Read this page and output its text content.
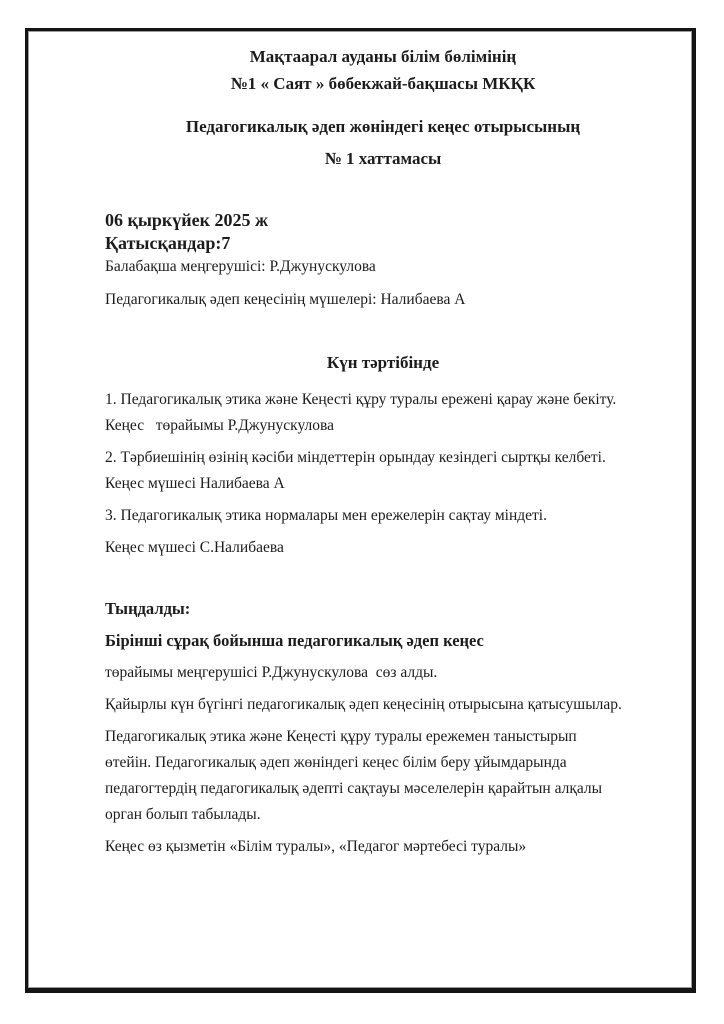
Мақтаарал ауданы білім бөлімінің

№1 « Саят » бөбекжай-бақшасы МКҚК

Педагогикалық әдеп жөніндегі кеңес отырысының

№ 1 хаттамасы

06 қыркүйек 2025 ж

Қатысқандар:7

Балабақша меңгерушісі: Р.Джунускулова

Педагогикалық әдеп кеңесінің мүшелері: Налибаева А

Күн тәртібінде

1. Педагогикалық этика және Кеңесті құру туралы ережені қарау және бекіту.
Кеңес   төрайымы Р.Джунускулова
2. Тәрбиешінің өзінің кәсіби міндеттерін орындау кезіндегі сыртқы келбеті.
Кеңес мүшесі Налибаева А

3. Педагогикалық этика нормалары мен ережелерін сақтау міндеті.

Кеңес мүшесі С.Налибаева

Тыңдалды:

Бірінші сұрақ бойынша педагогикалық әдеп кеңес

төрайымы меңгерушісі Р.Джунускулова  сөз алды.

Қайырлы күн бүгінгі педагогикалық әдеп кеңесінің отырысына қатысушылар.

Педагогикалық этика және Кеңесті құру туралы ережемен таныстырып
өтейін. Педагогикалық әдеп жөніндегі кеңес білім беру ұйымдарында
педагогтердің педагогикалық әдепті сақтауы мәселелерін қарайтын алқалы
орган болып табылады.

Кеңес өз қызметін «Білім туралы», «Педагог мәртебесі туралы»
